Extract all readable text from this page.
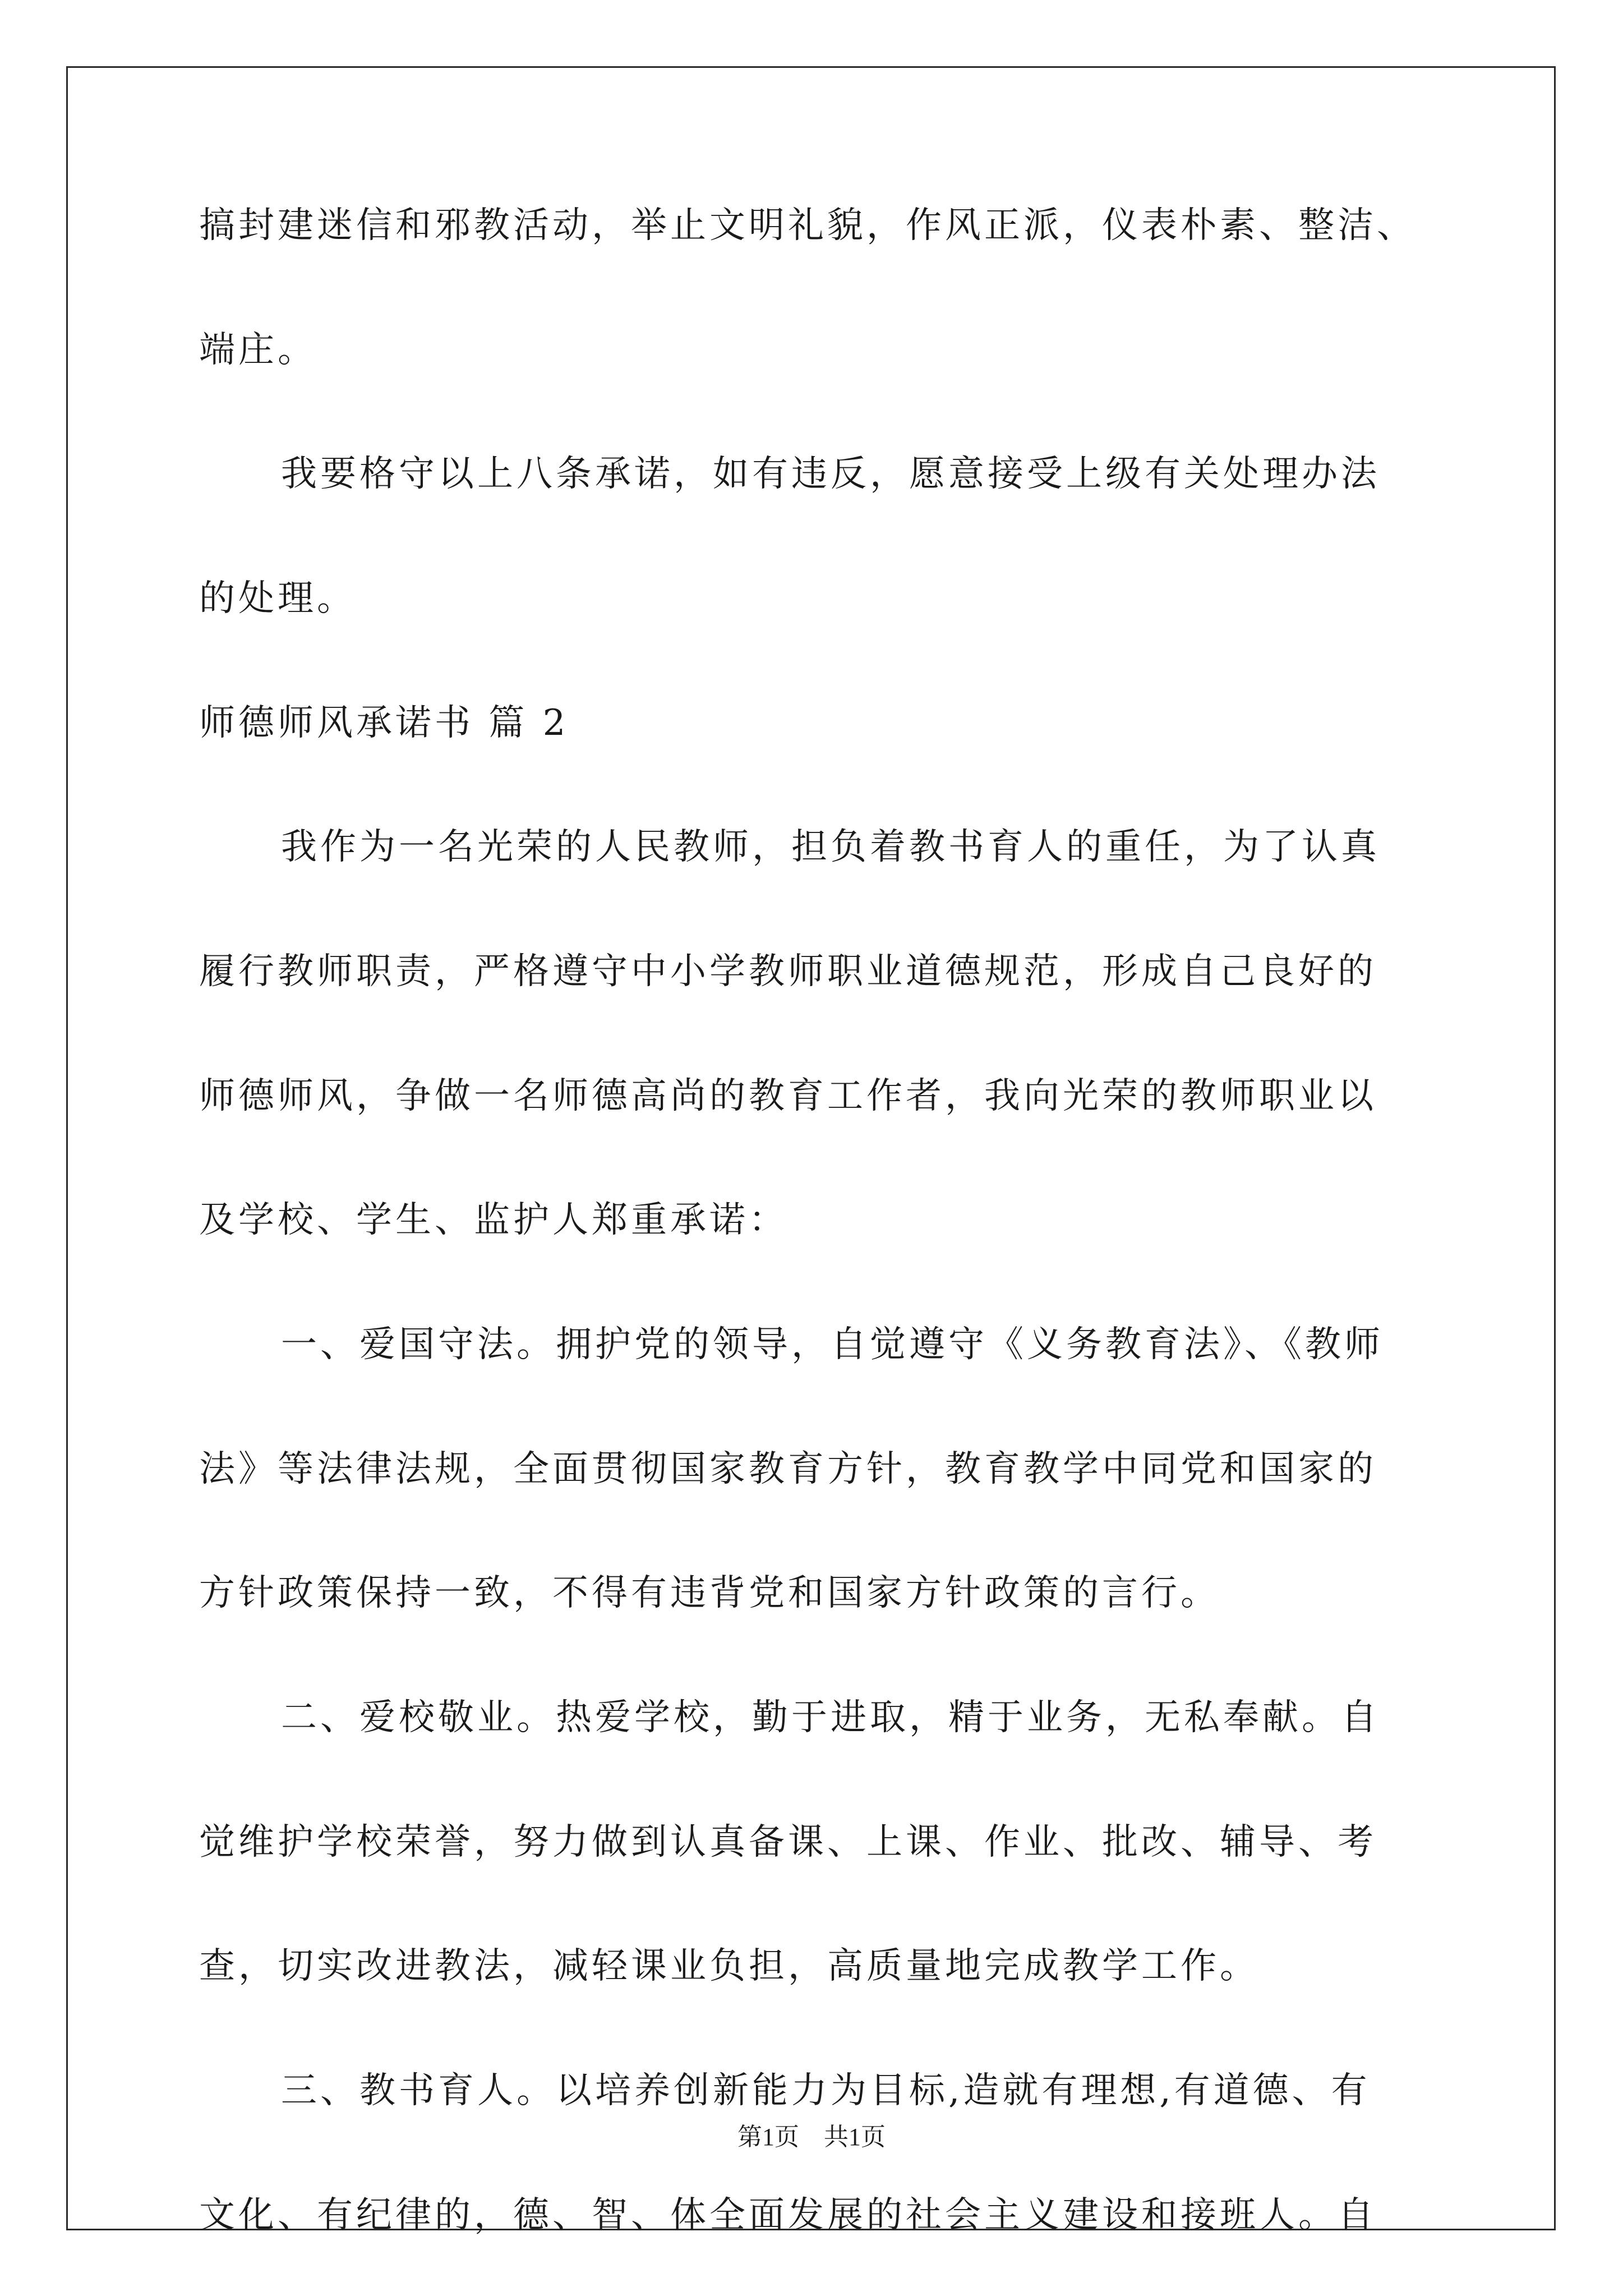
搞封建迷信和邪教活动，举止文明礼貌，作风正派，仪表朴素、整洁、
端庄。
我要格守以上八条承诺，如有违反，愿意接受上级有关处理办法
的处理。
师德师风承诺书 篇 2
我作为一名光荣的人民教师，担负着教书育人的重任，为了认真
履行教师职责，严格遵守中小学教师职业道德规范，形成自己良好的
师德师风，争做一名师德高尚的教育工作者，我向光荣的教师职业以
及学校、学生、监护人郑重承诺：
一、爱国守法。拥护党的领导，自觉遵守《义务教育法》、《教师
法》等法律法规，全面贯彻国家教育方针，教育教学中同党和国家的
方针政策保持一致，不得有违背党和国家方针政策的言行。
二、爱校敬业。热爱学校，勤于进取，精于业务，无私奉献。自
觉维护学校荣誉，努力做到认真备课、上课、作业、批改、辅导、考
查，切实改进教法，减轻课业负担，高质量地完成教学工作。
三、教书育人。以培养创新能力为目标,造就有理想,有道德、有
文化、有纪律的，德、智、体全面发展的社会主义建设和接班人。自
第1页 共1页
